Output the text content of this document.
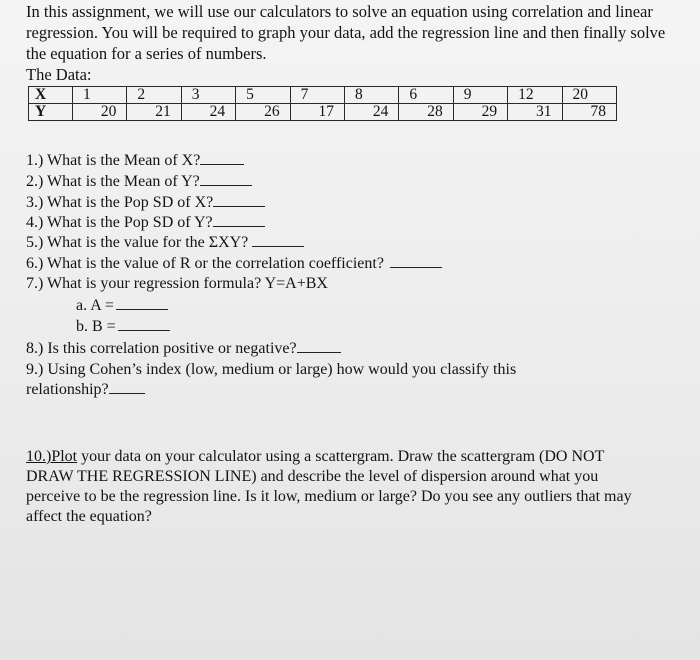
In this assignment, we will use our calculators to solve an equation using correlation and linear regression. You will be required to graph your data, add the regression line and then finally solve the equation for a series of numbers.

The Data:
X	1	2	3	5	7	8	6	9	12	20
Y	20	21	24	26	17	24	28	29	31	78
1.) What is the Mean of X?
2.) What is the Mean of Y?
3.) What is the Pop SD of X?
4.) What is the Pop SD of Y?
5.) What is the value for the ΣXY?
6.) What is the value of R or the correlation coefficient?
7.) What is your regression formula? Y=A+BX
a. A =
b. B =
8.) Is this correlation positive or negative?
9.) Using Cohen’s index (low, medium or large) how would you classify this
relationship?

10.)Plot your data on your calculator using a scattergram. Draw the scattergram (DO NOT DRAW THE REGRESSION LINE) and describe the level of dispersion around what you perceive to be the regression line. Is it low, medium or large? Do you see any outliers that may affect the equation?
